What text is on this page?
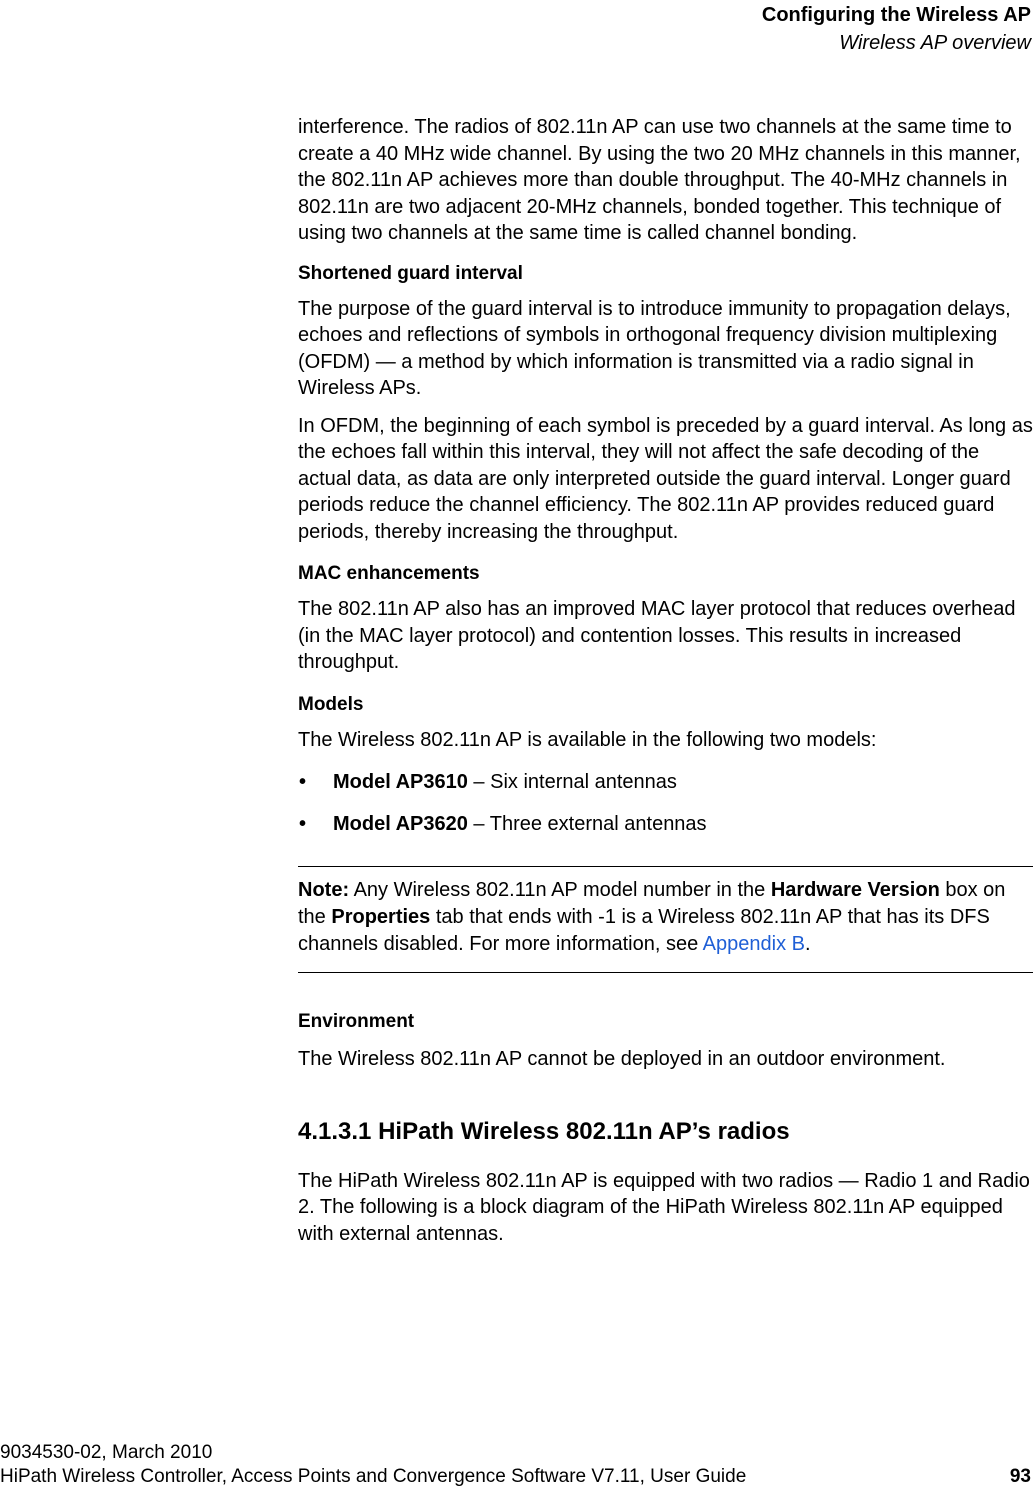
Configuring the Wireless AP
Wireless AP overview

interference. The radios of 802.11n AP can use two channels at the same time to create a 40 MHz wide channel. By using the two 20 MHz channels in this manner, the 802.11n AP achieves more than double throughput. The 40-MHz channels in 802.11n are two adjacent 20-MHz channels, bonded together. This technique of using two channels at the same time is called channel bonding.

Shortened guard interval

The purpose of the guard interval is to introduce immunity to propagation delays, echoes and reflections of symbols in orthogonal frequency division multiplexing (OFDM) — a method by which information is transmitted via a radio signal in Wireless APs.

In OFDM, the beginning of each symbol is preceded by a guard interval. As long as the echoes fall within this interval, they will not affect the safe decoding of the actual data, as data are only interpreted outside the guard interval. Longer guard periods reduce the channel efficiency. The 802.11n AP provides reduced guard periods, thereby increasing the throughput.

MAC enhancements

The 802.11n AP also has an improved MAC layer protocol that reduces overhead (in the MAC layer protocol) and contention losses. This results in increased throughput.

Models

The Wireless 802.11n AP is available in the following two models:

• Model AP3610 – Six internal antennas
• Model AP3620 – Three external antennas
Note: Any Wireless 802.11n AP model number in the Hardware Version box on the Properties tab that ends with -1 is a Wireless 802.11n AP that has its DFS channels disabled. For more information, see Appendix B.
Environment

The Wireless 802.11n AP cannot be deployed in an outdoor environment.

4.1.3.1 HiPath Wireless 802.11n AP’s radios

The HiPath Wireless 802.11n AP is equipped with two radios — Radio 1 and Radio 2. The following is a block diagram of the HiPath Wireless 802.11n AP equipped with external antennas.

9034530-02, March 2010
HiPath Wireless Controller, Access Points and Convergence Software V7.11, User Guide	93
